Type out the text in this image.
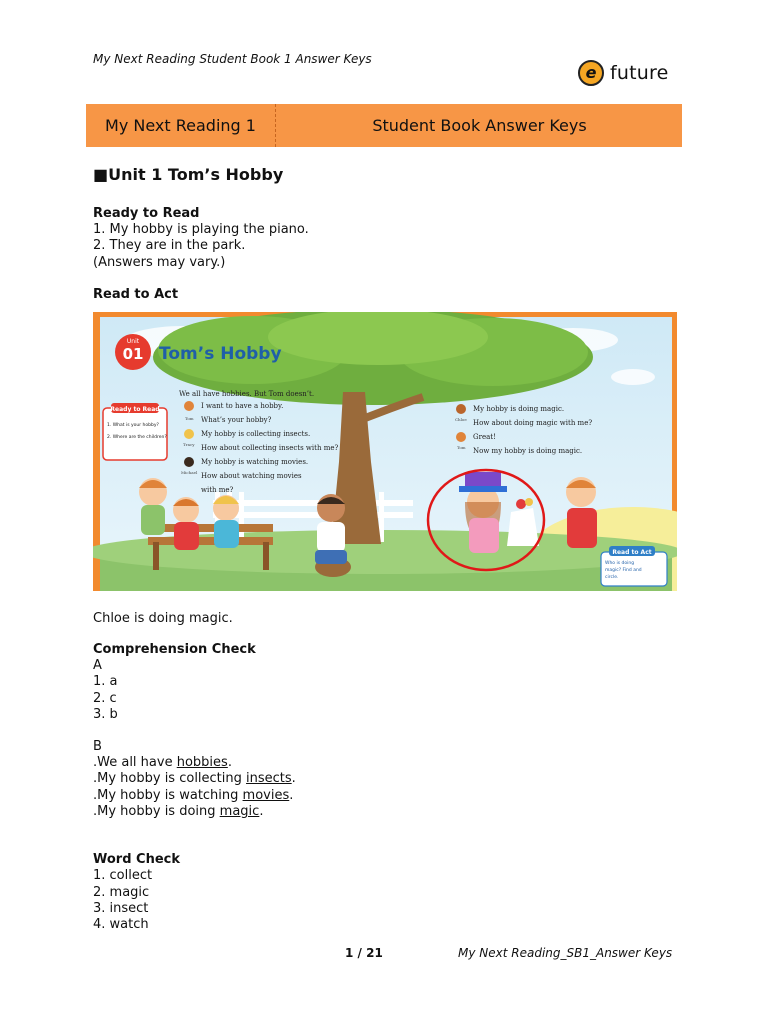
My Next Reading Student Book 1 Answer Keys
e future
My Next Reading 1	Student Book Answer Keys
■Unit 1 Tom’s Hobby
Ready to Read
1. My hobby is playing the piano.
2. They are in the park.
(Answers may vary.)
Read to Act
Unit
01 Tom’s Hobby
We all have hobbies. But Tom doesn’t.
Tom
I want to have a hobby.
What’s your hobby?
Tracy
My hobby is collecting insects.
How about collecting insects with me?
Michael
My hobby is watching movies.
How about watching movies
with me?
Chloe
My hobby is doing magic.
How about doing magic with me?
Tom
Great!
Now my hobby is doing magic.
Ready to Read
1. What is your hobby?
2. Where are the children?
Read to Act
Who is doing
magic? Find and
circle.
Chloe is doing magic.
Comprehension Check
A
1. a
2. c
3. b
B
.We all have hobbies.
.My hobby is collecting insects.
.My hobby is watching movies.
.My hobby is doing magic.
Word Check
1. collect
2. magic
3. insect
4. watch
1 / 21	My Next Reading_SB1_Answer Keys
